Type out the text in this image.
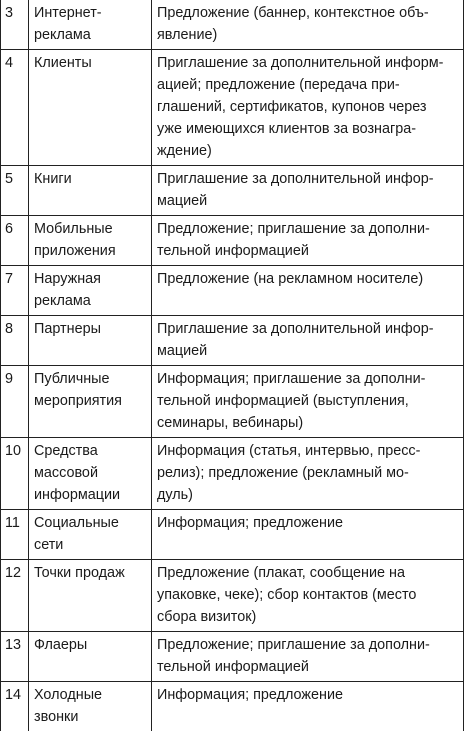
3	Интернет-
реклама	Предложение (баннер, контекстное объ-
явление)
4	Клиенты	Приглашение за дополнительной информ-
ацией; предложение (передача при-
глашений, сертификатов, купонов через
уже имеющихся клиентов за вознагра-
ждение)
5	Книги	Приглашение за дополнительной инфор-
мацией
6	Мобильные
приложения	Предложение; приглашение за дополни-
тельной информацией
7	Наружная
реклама	Предложение (на рекламном носителе)
8	Партнеры	Приглашение за дополнительной инфор-
мацией
9	Публичные
мероприятия	Информация; приглашение за дополни-
тельной информацией (выступления,
семинары, вебинары)
10	Средства
массовой
информации	Информация (статья, интервью, пресс-
релиз); предложение (рекламный мо-
дуль)
11	Социальные
сети	Информация; предложение
12	Точки продаж	Предложение (плакат, сообщение на
упаковке, чеке); сбор контактов (место
сбора визиток)
13	Флаеры	Предложение; приглашение за дополни-
тельной информацией
14	Холодные
звонки	Информация; предложение
